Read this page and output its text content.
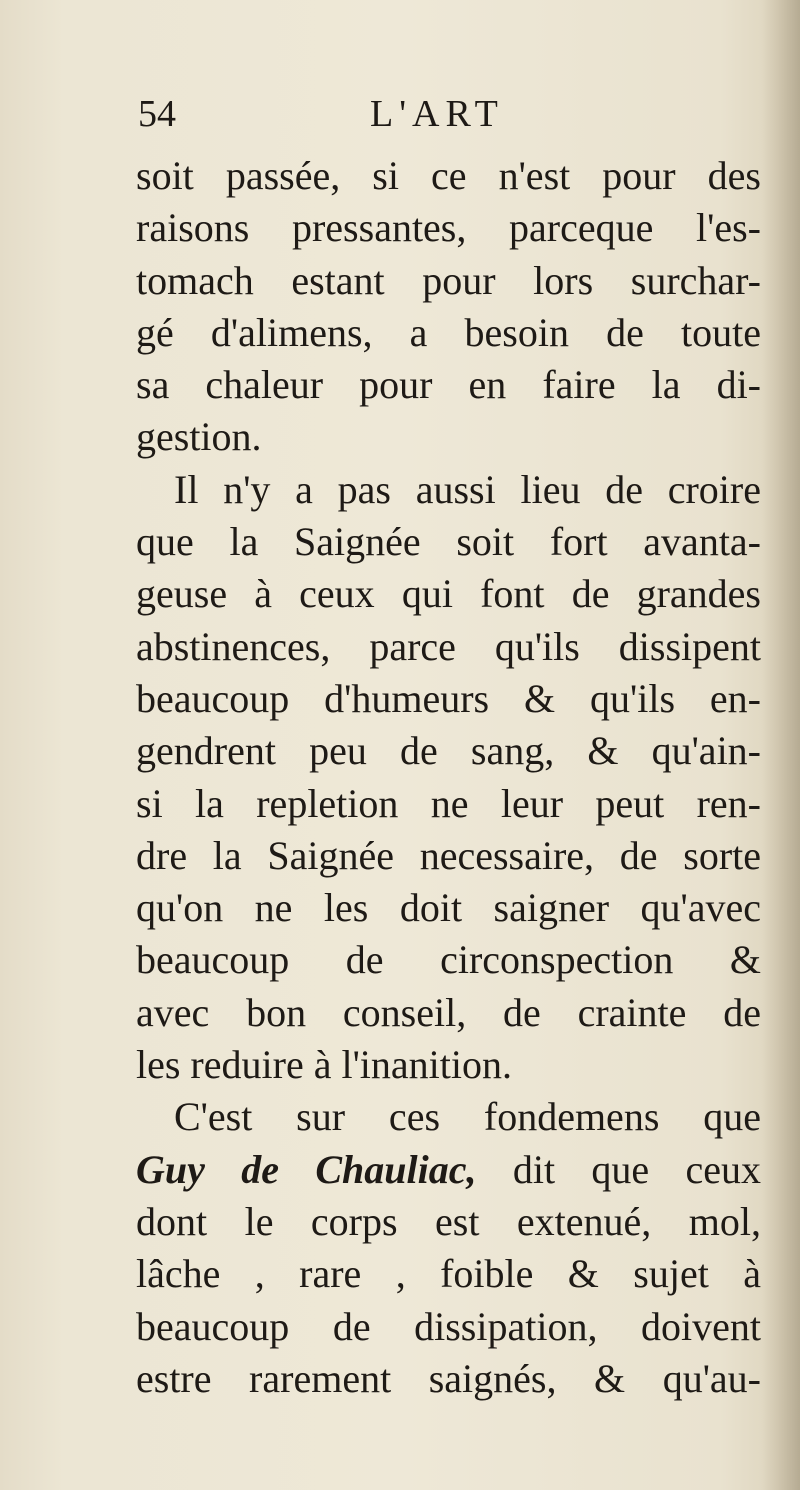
54	L'ART
soit passée, si ce n'est pour des
raisons pressantes, parceque l'es-
tomach estant pour lors surchar-
gé d'alimens, a besoin de toute
sa chaleur pour en faire la di-
gestion.
Il n'y a pas aussi lieu de croire
que la Saignée soit fort avanta-
geuse à ceux qui font de grandes
abstinences, parce qu'ils dissipent
beaucoup d'humeurs & qu'ils en-
gendrent peu de sang, & qu'ain-
si la repletion ne leur peut ren-
dre la Saignée necessaire, de sorte
qu'on ne les doit saigner qu'avec
beaucoup de circonspection &
avec bon conseil, de crainte de
les reduire à l'inanition.
C'est sur ces fondemens que
Guy de Chauliac, dit que ceux
dont le corps est extenué, mol,
lâche , rare , foible & sujet à
beaucoup de dissipation, doivent
estre rarement saignés, & qu'au-
